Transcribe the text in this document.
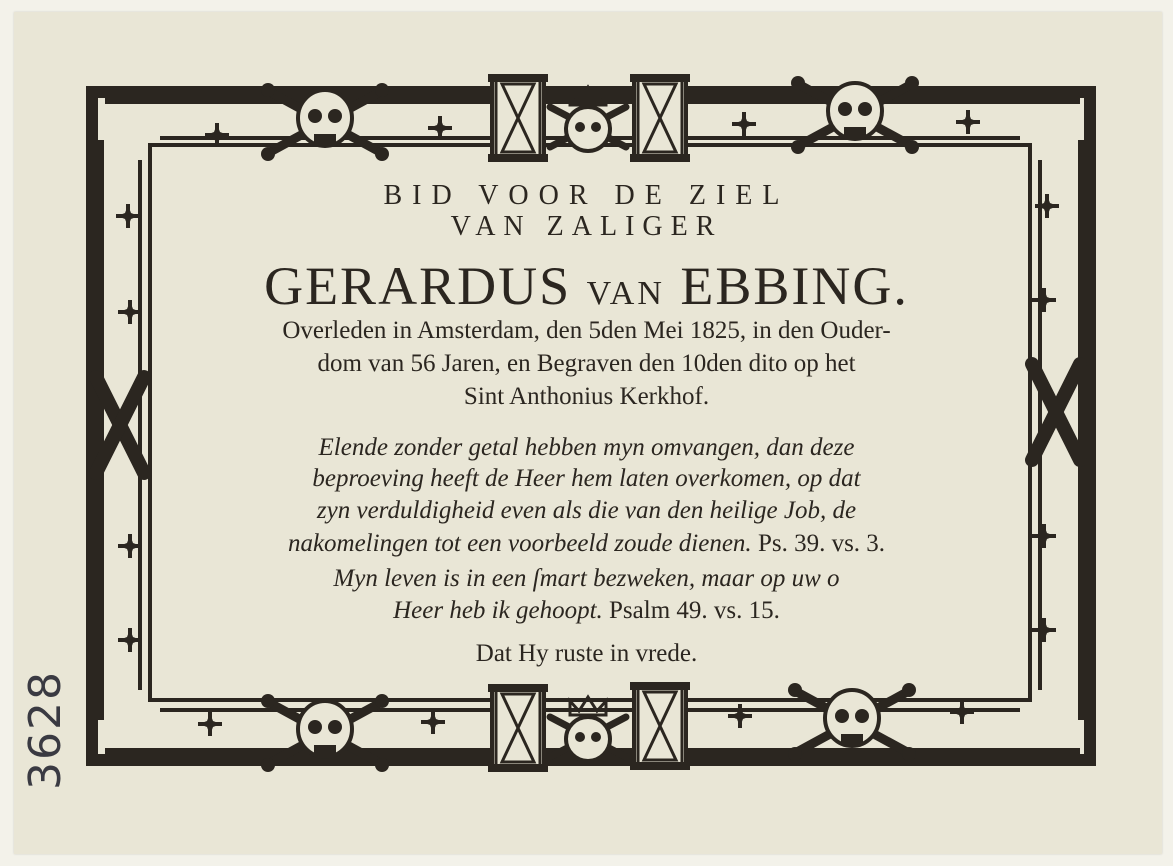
BID VOOR DE ZIEL
VAN ZALIGER
GERARDUS VAN EBBING.
Overleden in Amsterdam, den 5den Mei 1825, in den Ouder-
dom van 56 Jaren, en Begraven den 10den dito op het
Sint Anthonius Kerkhof.
Elende zonder getal hebben myn omvangen, dan deze
beproeving heeft de Heer hem laten overkomen, op dat
zyn verduldigheid even als die van den heilige Job, de
nakomelingen tot een voorbeeld zoude dienen. Ps. 39. vs. 3.
Myn leven is in een ſmart bezweken, maar op uw o
Heer heb ik gehoopt. Psalm 49. vs. 15.
Dat Hy ruste in vrede.
3628
